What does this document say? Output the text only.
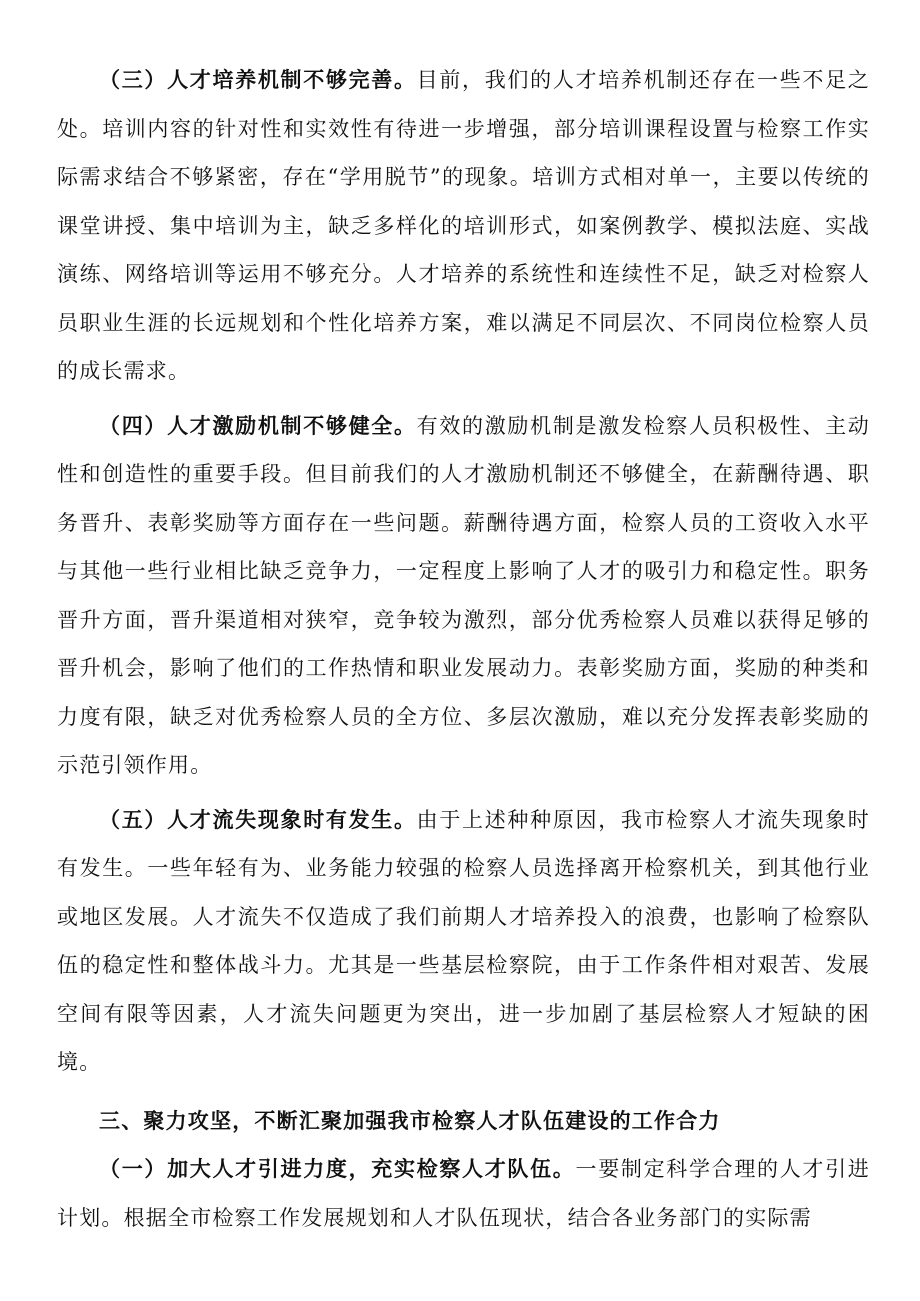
（三）人才培养机制不够完善。目前，我们的人才培养机制还存在一些不足之处。培训内容的针对性和实效性有待进一步增强，部分培训课程设置与检察工作实际需求结合不够紧密，存在“学用脱节”的现象。培训方式相对单一，主要以传统的课堂讲授、集中培训为主，缺乏多样化的培训形式，如案例教学、模拟法庭、实战演练、网络培训等运用不够充分。人才培养的系统性和连续性不足，缺乏对检察人员职业生涯的长远规划和个性化培养方案，难以满足不同层次、不同岗位检察人员的成长需求。

（四）人才激励机制不够健全。有效的激励机制是激发检察人员积极性、主动性和创造性的重要手段。但目前我们的人才激励机制还不够健全，在薪酬待遇、职务晋升、表彰奖励等方面存在一些问题。薪酬待遇方面，检察人员的工资收入水平与其他一些行业相比缺乏竞争力，一定程度上影响了人才的吸引力和稳定性。职务晋升方面，晋升渠道相对狭窄，竞争较为激烈，部分优秀检察人员难以获得足够的晋升机会，影响了他们的工作热情和职业发展动力。表彰奖励方面，奖励的种类和力度有限，缺乏对优秀检察人员的全方位、多层次激励，难以充分发挥表彰奖励的示范引领作用。

（五）人才流失现象时有发生。由于上述种种原因，我市检察人才流失现象时有发生。一些年轻有为、业务能力较强的检察人员选择离开检察机关，到其他行业或地区发展。人才流失不仅造成了我们前期人才培养投入的浪费，也影响了检察队伍的稳定性和整体战斗力。尤其是一些基层检察院，由于工作条件相对艰苦、发展空间有限等因素，人才流失问题更为突出，进一步加剧了基层检察人才短缺的困境。

三、聚力攻坚，不断汇聚加强我市检察人才队伍建设的工作合力

（一）加大人才引进力度，充实检察人才队伍。一要制定科学合理的人才引进计划。根据全市检察工作发展规划和人才队伍现状，结合各业务部门的实际需
